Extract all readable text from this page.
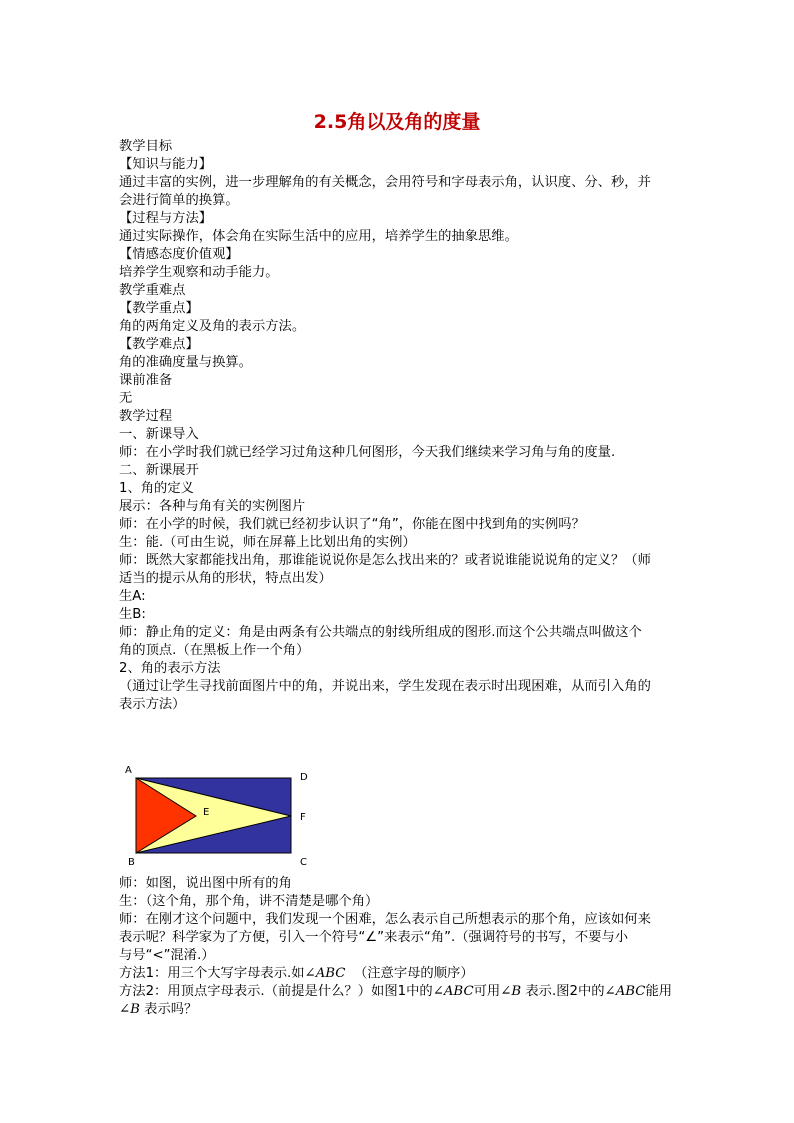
2.5角以及角的度量
教学目标
【知识与能力】
通过丰富的实例，进一步理解角的有关概念，会用符号和字母表示角，认识度、分、秒，并
会进行简单的换算。
【过程与方法】
通过实际操作，体会角在实际生活中的应用，培养学生的抽象思维。
【情感态度价值观】
培养学生观察和动手能力。
教学重难点
【教学重点】
角的两角定义及角的表示方法。
【教学难点】
角的准确度量与换算。
课前准备
无
教学过程
一、新课导入
师：在小学时我们就已经学习过角这种几何图形，今天我们继续来学习角与角的度量.
二、新课展开
1、角的定义
展示：各种与角有关的实例图片
师：在小学的时候，我们就已经初步认识了“角”，你能在图中找到角的实例吗？
生：能.（可由生说，师在屏幕上比划出角的实例）
师：既然大家都能找出角，那谁能说说你是怎么找出来的？或者说谁能说说角的定义？（师
适当的提示从角的形状，特点出发）
生A:
生B:
师：静止角的定义：角是由两条有公共端点的射线所组成的图形.而这个公共端点叫做这个
角的顶点.（在黑板上作一个角）
2、角的表示方法
（通过让学生寻找前面图片中的角，并说出来，学生发现在表示时出现困难，从而引入角的
表示方法）
A
D
E	F
B	C
师：如图，说出图中所有的角
生：（这个角，那个角，讲不清楚是哪个角）
师：在刚才这个问题中，我们发现一个困难，怎么表示自己所想表示的那个角，应该如何来
表示呢？科学家为了方便，引入一个符号“∠”来表示“角”.（强调符号的书写，不要与小
与号“<”混淆.）
方法1：用三个大写字母表示.如∠ABC （注意字母的顺序）
方法2：用顶点字母表示.（前提是什么？）如图1中的∠ABC可用∠B 表示.图2中的∠ABC能用
∠B 表示吗？
